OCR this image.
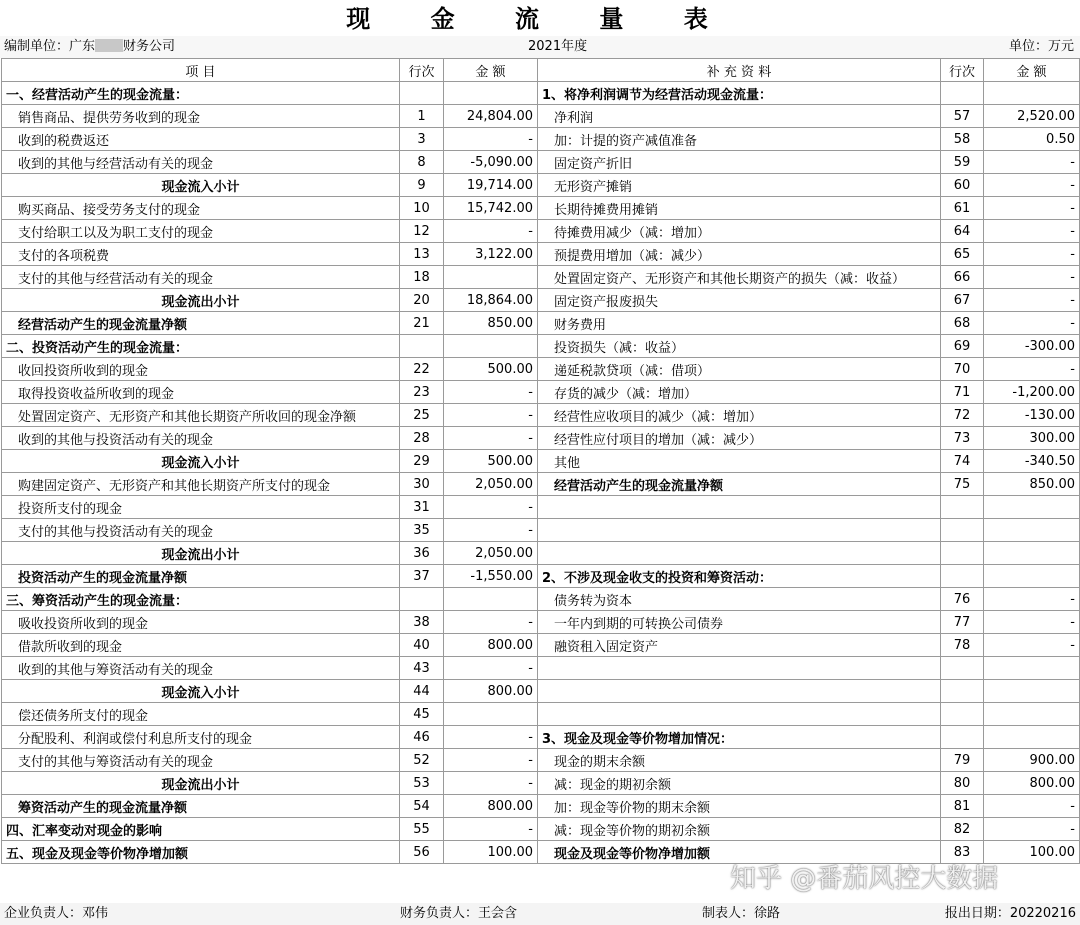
现 金 流 量 表
编制单位：广东 财务公司	2021年度	单位：万元
项 目	行次	金 额	补 充 资 料	行次	金 额
一、经营活动产生的现金流量：			1、将净利润调节为经营活动现金流量：		
销售商品、提供劳务收到的现金	1	24,804.00	净利润	57	2,520.00
收到的税费返还	3	-	加：计提的资产减值准备	58	0.50
收到的其他与经营活动有关的现金	8	-5,090.00	固定资产折旧	59	-
现金流入小计	9	19,714.00	无形资产摊销	60	-
购买商品、接受劳务支付的现金	10	15,742.00	长期待摊费用摊销	61	-
支付给职工以及为职工支付的现金	12	-	待摊费用减少（减：增加）	64	-
支付的各项税费	13	3,122.00	预提费用增加（减：减少）	65	-
支付的其他与经营活动有关的现金	18		处置固定资产、无形资产和其他长期资产的损失（减：收益）	66	-
现金流出小计	20	18,864.00	固定资产报废损失	67	-
经营活动产生的现金流量净额	21	850.00	财务费用	68	-
二、投资活动产生的现金流量：			投资损失（减：收益）	69	-300.00
收回投资所收到的现金	22	500.00	递延税款贷项（减：借项）	70	-
取得投资收益所收到的现金	23	-	存货的减少（减：增加）	71	-1,200.00
处置固定资产、无形资产和其他长期资产所收回的现金净额	25	-	经营性应收项目的减少（减：增加）	72	-130.00
收到的其他与投资活动有关的现金	28	-	经营性应付项目的增加（减：减少）	73	300.00
现金流入小计	29	500.00	其他	74	-340.50
购建固定资产、无形资产和其他长期资产所支付的现金	30	2,050.00	经营活动产生的现金流量净额	75	850.00
投资所支付的现金	31	-			
支付的其他与投资活动有关的现金	35	-			
现金流出小计	36	2,050.00			
投资活动产生的现金流量净额	37	-1,550.00	2、不涉及现金收支的投资和筹资活动：		
三、筹资活动产生的现金流量：			债务转为资本	76	-
吸收投资所收到的现金	38	-	一年内到期的可转换公司债券	77	-
借款所收到的现金	40	800.00	融资租入固定资产	78	-
收到的其他与筹资活动有关的现金	43	-			
现金流入小计	44	800.00			
偿还债务所支付的现金	45				
分配股利、利润或偿付利息所支付的现金	46	-	3、现金及现金等价物增加情况：		
支付的其他与筹资活动有关的现金	52	-	现金的期末余额	79	900.00
现金流出小计	53	-	减：现金的期初余额	80	800.00
筹资活动产生的现金流量净额	54	800.00	加：现金等价物的期末余额	81	-
四、汇率变动对现金的影响	55	-	减：现金等价物的期初余额	82	-
五、现金及现金等价物净增加额	56	100.00	现金及现金等价物净增加额	83	100.00
企业负责人：邓伟	财务负责人：王会含	制表人：徐路	报出日期：20220216
知乎 @番茄风控大数据
